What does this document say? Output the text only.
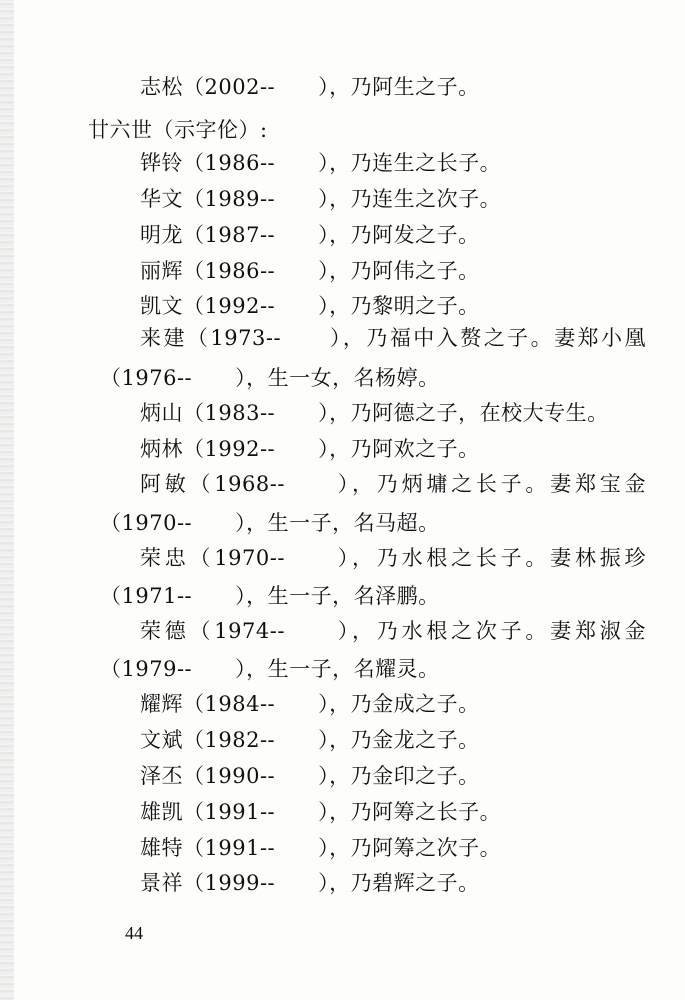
志松（2002--　　），乃阿生之子。
廿六世（示字伦）:
铧铃（1986--　　），乃连生之长子。
华文（1989--　　），乃连生之次子。
明龙（1987--　　），乃阿发之子。
丽辉（1986--　　），乃阿伟之子。
凯文（1992--　　），乃黎明之子。
来建（1973--　　），乃福中入赘之子。妻郑小凰
（1976--　　），生一女，名杨婷。
炳山（1983--　　），乃阿德之子，在校大专生。
炳林（1992--　　），乃阿欢之子。
阿敏（1968--　　），乃炳墉之长子。妻郑宝金
（1970--　　），生一子，名马超。
荣忠（1970--　　），乃水根之长子。妻林振珍
（1971--　　），生一子，名泽鹏。
荣德（1974--　　），乃水根之次子。妻郑淑金
（1979--　　），生一子，名耀灵。
耀辉（1984--　　），乃金成之子。
文斌（1982--　　），乃金龙之子。
泽丕（1990--　　），乃金印之子。
雄凯（1991--　　），乃阿筹之长子。
雄特（1991--　　），乃阿筹之次子。
景祥（1999--　　），乃碧辉之子。
44
